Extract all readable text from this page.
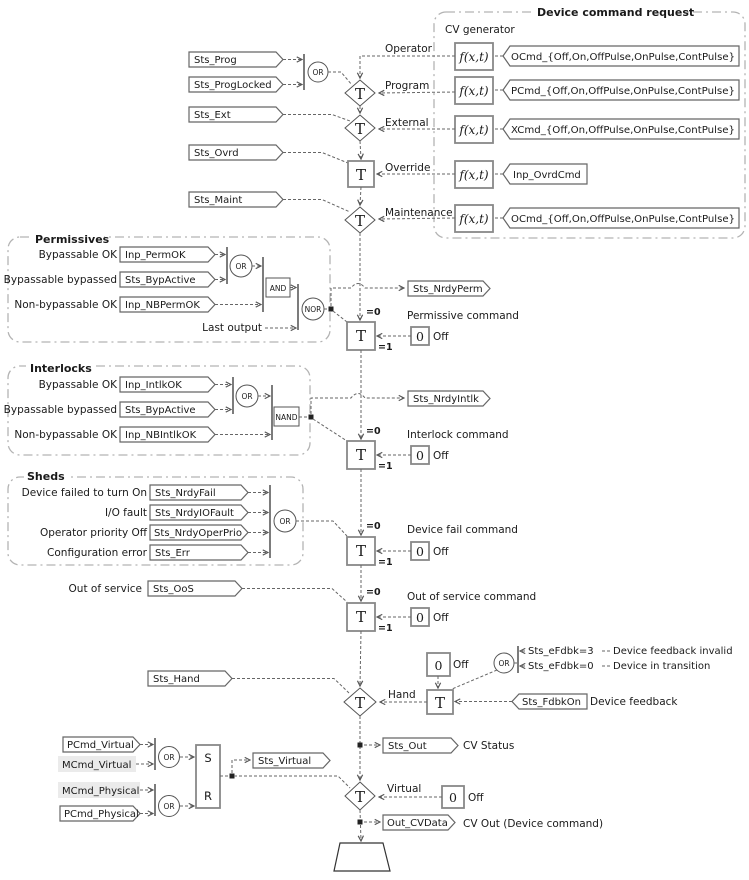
Device command request
CV generator
f(x,t)
f(x,t)
f(x,t)
f(x,t)
f(x,t)
OCmd_{Off,On,OffPulse,OnPulse,ContPulse}
PCmd_{Off,On,OffPulse,OnPulse,ContPulse}
XCmd_{Off,On,OffPulse,OnPulse,ContPulse}
Inp_OvrdCmd
OCmd_{Off,On,OffPulse,OnPulse,ContPulse}
Sts_Prog
Sts_ProgLocked
Sts_Ext
Sts_Ovrd
Sts_Maint
OR
Operator
T Program
T External
T Override
T Maintenance
Permissives
Bypassable OK Inp_PermOK
Bypassable bypassed Sts_BypActive
Non-bypassable OK Inp_NBPermOK
Last output
OR
AND
NOR
Sts_NrdyPerm
=0
T
Permissive command
0 Off
=1
Interlocks
Bypassable OK Inp_IntlkOK
Bypassable bypassed Sts_BypActive
Non-bypassable OK Inp_NBIntlkOK
OR
NAND
Sts_NrdyIntlk
=0
T
Interlock command
0 Off
=1
Sheds
Device failed to turn On Sts_NrdyFail
I/O fault Sts_NrdyIOFault
Operator priority Off Sts_NrdyOperPrio
Configuration error Sts_Err
OR	=0
T
Device fail command
0 Off
=1
Out of service Sts_OoS	=0
T
Out of service command
0 Off
=1
Sts_Hand
T
0 Off	OR
Sts_eFdbk=3 Device feedback invalid
Sts_eFdbk=0 Device in transition
T	Sts_FdbkOn Device feedback
Hand
Sts_Out	CV Status
PCmd_Virtual
MCmd_Virtual
MCmd_Physical
PCmd_Physical
OR
OR
S
R
Sts_Virtual
T	0 Off
Virtual
Out_CVData CV Out (Device command)
